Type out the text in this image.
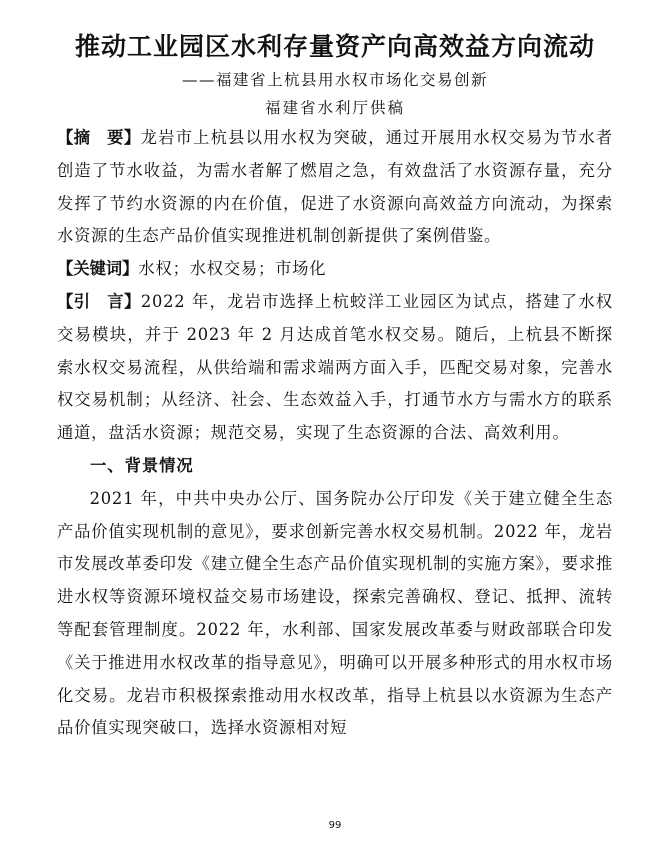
推动工业园区水利存量资产向高效益方向流动
——福建省上杭县用水权市场化交易创新
福建省水利厅供稿

【摘　要】龙岩市上杭县以用水权为突破，通过开展用水权交易为节水者创造了节水收益，为需水者解了燃眉之急，有效盘活了水资源存量，充分发挥了节约水资源的内在价值，促进了水资源向高效益方向流动，为探索水资源的生态产品价值实现推进机制创新提供了案例借鉴。

【关键词】水权；水权交易；市场化

【引　言】2022 年，龙岩市选择上杭蛟洋工业园区为试点，搭建了水权交易模块，并于 2023 年 2 月达成首笔水权交易。随后，上杭县不断探索水权交易流程，从供给端和需求端两方面入手，匹配交易对象，完善水权交易机制；从经济、社会、生态效益入手，打通节水方与需水方的联系通道，盘活水资源；规范交易，实现了生态资源的合法、高效利用。

一、背景情况

2021 年，中共中央办公厅、国务院办公厅印发《关于建立健全生态产品价值实现机制的意见》，要求创新完善水权交易机制。2022 年，龙岩市发展改革委印发《建立健全生态产品价值实现机制的实施方案》，要求推进水权等资源环境权益交易市场建设，探索完善确权、登记、抵押、流转等配套管理制度。2022 年，水利部、国家发展改革委与财政部联合印发《关于推进用水权改革的指导意见》，明确可以开展多种形式的用水权市场化交易。龙岩市积极探索推动用水权改革，指导上杭县以水资源为生态产品价值实现突破口，选择水资源相对短

99
